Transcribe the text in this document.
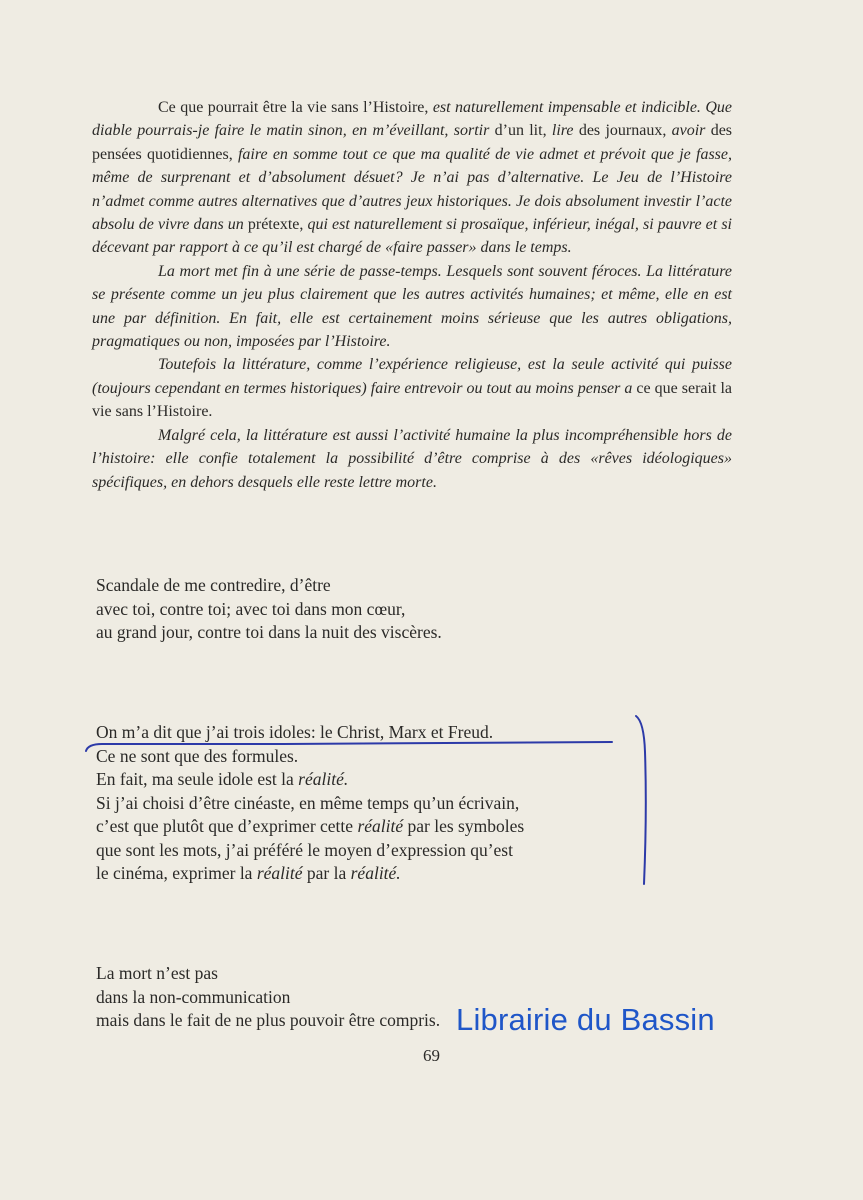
Ce que pourrait être la vie sans l’Histoire, est naturellement impensable et indicible. Que diable pourrais-je faire le matin sinon, en m’éveillant, sortir d’un lit, lire des journaux, avoir des pensées quotidiennes, faire en somme tout ce que ma qualité de vie admet et prévoit que je fasse, même de surprenant et d’absolument désuet? Je n’ai pas d’alternative. Le Jeu de l’Histoire n’admet comme autres alternatives que d’autres jeux historiques. Je dois absolument investir l’acte absolu de vivre dans un prétexte, qui est naturellement si prosaïque, inférieur, inégal, si pauvre et si décevant par rapport à ce qu’il est chargé de «faire passer» dans le temps.

La mort met fin à une série de passe-temps. Lesquels sont souvent féroces. La littérature se présente comme un jeu plus clairement que les autres activités humaines; et même, elle en est une par définition. En fait, elle est certainement moins sérieuse que les autres obligations, pragmatiques ou non, imposées par l’Histoire.

Toutefois la littérature, comme l’expérience religieuse, est la seule activité qui puisse (toujours cependant en termes historiques) faire entrevoir ou tout au moins penser a ce que serait la vie sans l’Histoire.

Malgré cela, la littérature est aussi l’activité humaine la plus incompréhensible hors de l’histoire: elle confie totalement la possibilité d’être comprise à des «rêves idéologiques» spécifiques, en dehors desquels elle reste lettre morte.

Scandale de me contredire, d’être
avec toi, contre toi; avec toi dans mon cœur,
au grand jour, contre toi dans la nuit des viscères.
On m’a dit que j’ai trois idoles: le Christ, Marx et Freud.
Ce ne sont que des formules.
En fait, ma seule idole est la réalité.
Si j’ai choisi d’être cinéaste, en même temps qu’un écrivain,
c’est que plutôt que d’exprimer cette réalité par les symboles
que sont les mots, j’ai préféré le moyen d’expression qu’est
le cinéma, exprimer la réalité par la réalité.
La mort n’est pas
dans la non-communication
mais dans le fait de ne plus pouvoir être compris.
69
Librairie du Bassin
